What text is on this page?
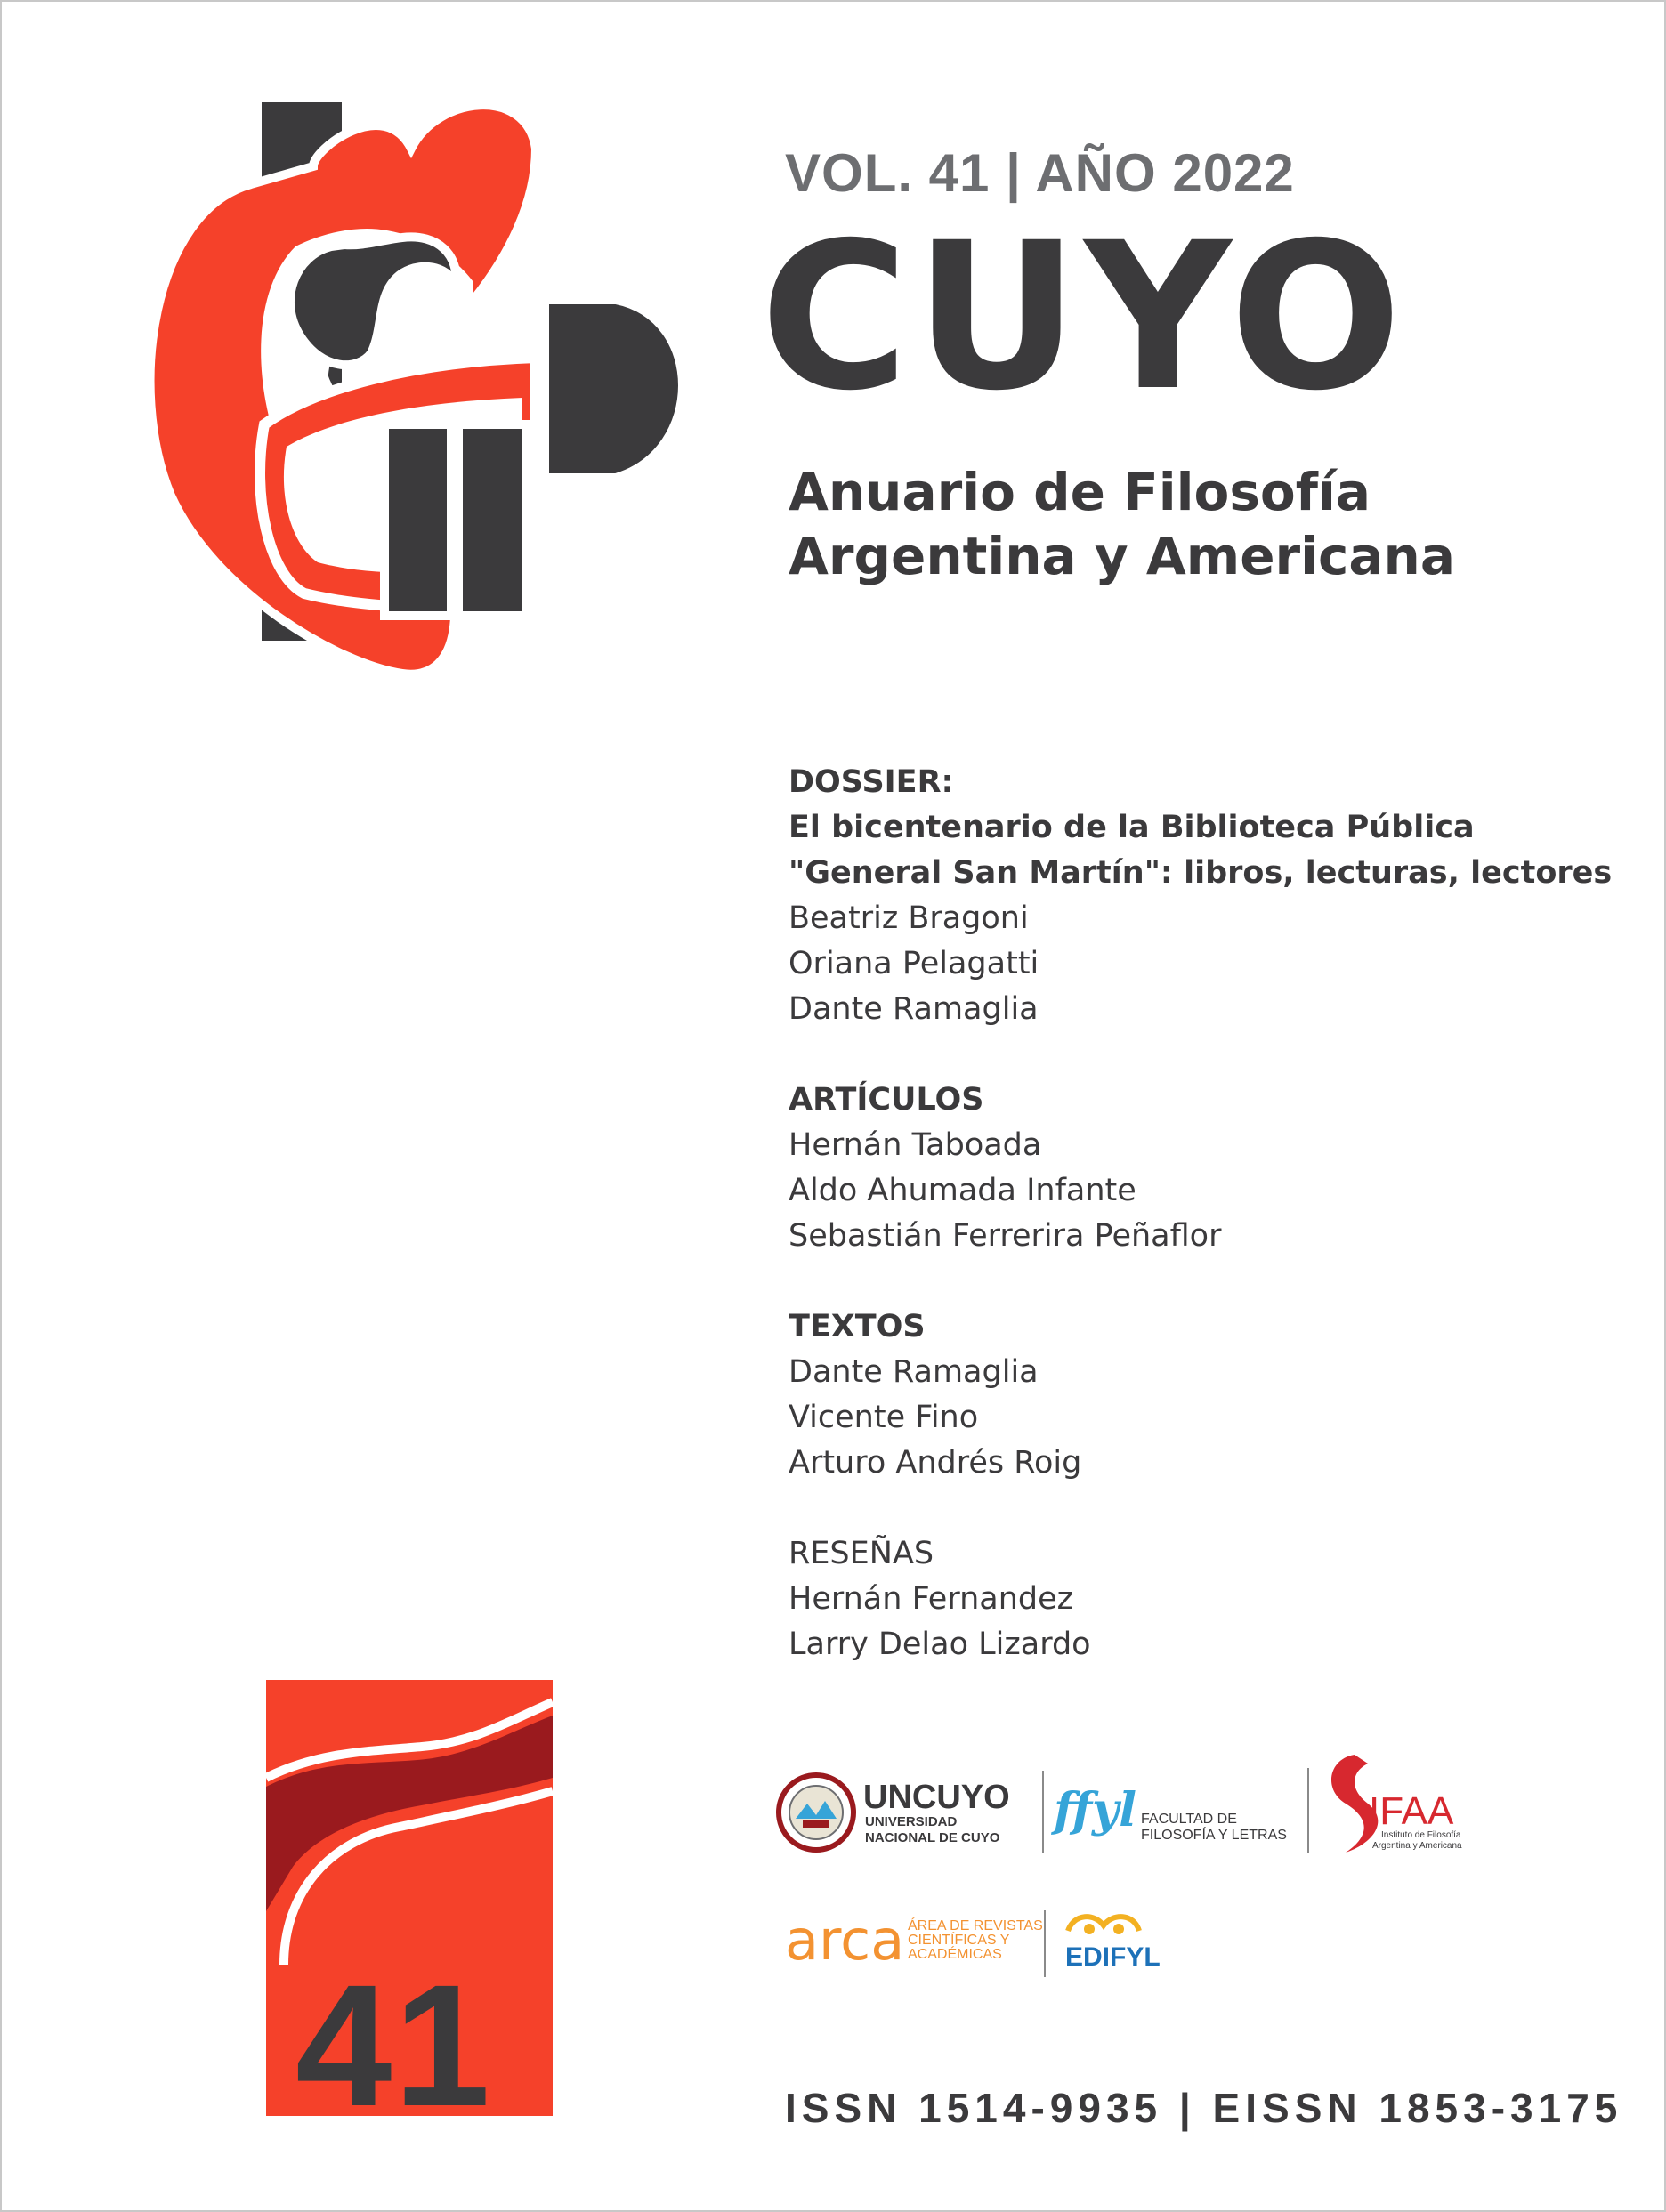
VOL. 41 | AÑO 2022
CUYO
Anuario de Filosofía
Argentina y Americana
DOSSIER:
El bicentenario de la Biblioteca Pública
"General San Martín": libros, lecturas, lectores
Beatriz Bragoni
Oriana Pelagatti
Dante Ramaglia
ARTÍCULOS
Hernán Taboada
Aldo Ahumada Infante
Sebastián Ferrerira Peñaflor
TEXTOS
Dante Ramaglia
Vicente Fino
Arturo Andrés Roig
RESEÑAS
Hernán Fernandez
Larry Delao Lizardo
41
UNCUYO
UNIVERSIDAD
NACIONAL DE CUYO
ffyl FACULTAD DE
FILOSOFÍA Y LETRAS
IFAA
Instituto de Filosofía
Argentina y Americana
arca ÁREA DE REVISTAS
CIENTÍFICAS Y
ACADÉMICAS EDIFYL
ISSN 1514-9935 | EISSN 1853-3175
